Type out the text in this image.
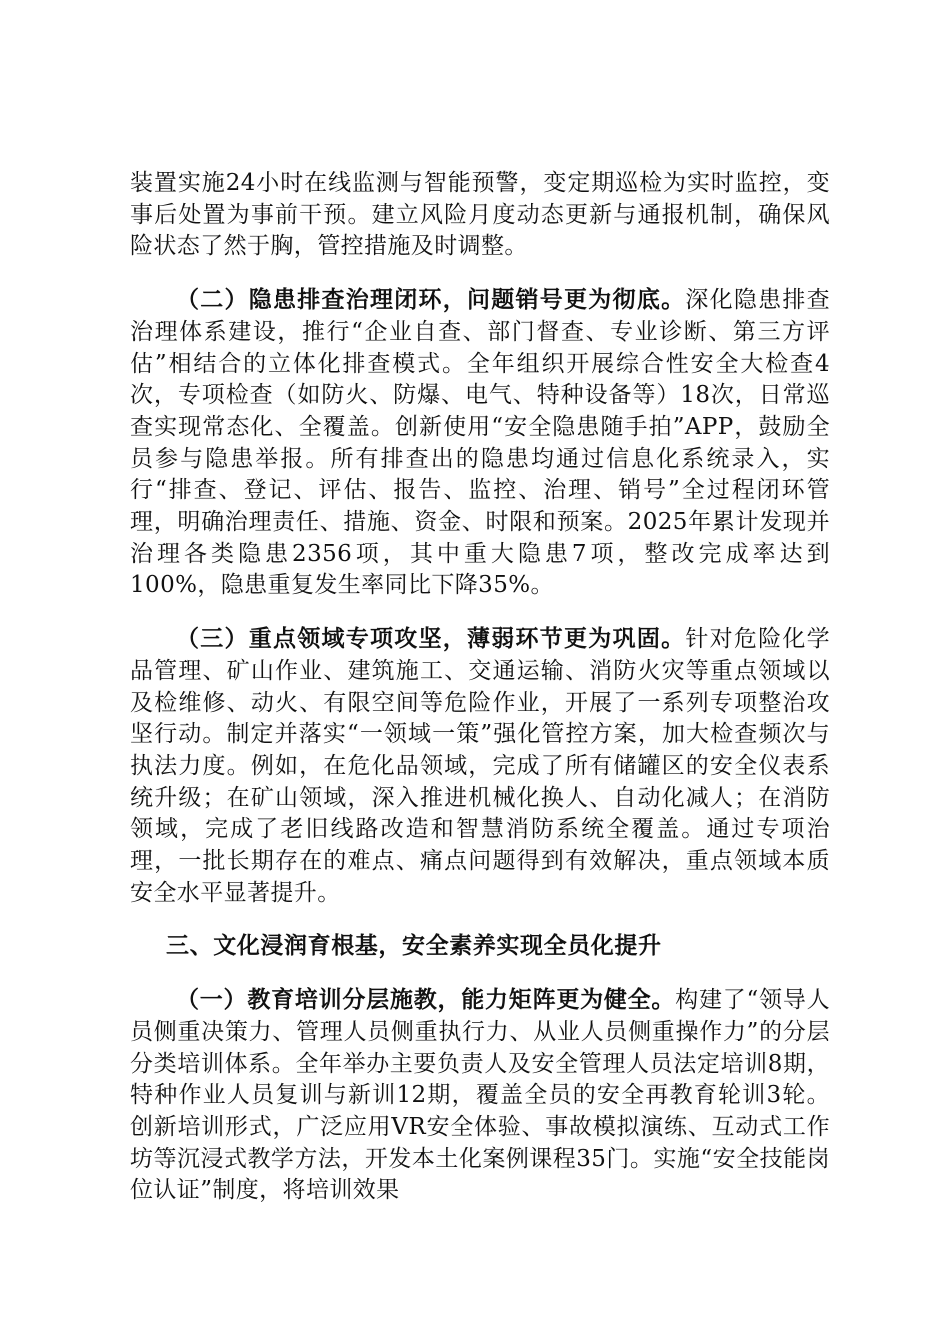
装置实施24小时在线监测与智能预警，变定期巡检为实时监控，变事后处置为事前干预。建立风险月度动态更新与通报机制，确保风险状态了然于胸，管控措施及时调整。

（二）隐患排查治理闭环，问题销号更为彻底。深化隐患排查治理体系建设，推行“企业自查、部门督查、专业诊断、第三方评估”相结合的立体化排查模式。全年组织开展综合性安全大检查4次，专项检查（如防火、防爆、电气、特种设备等）18次，日常巡查实现常态化、全覆盖。创新使用“安全隐患随手拍”APP，鼓励全员参与隐患举报。所有排查出的隐患均通过信息化系统录入，实行“排查、登记、评估、报告、监控、治理、销号”全过程闭环管理，明确治理责任、措施、资金、时限和预案。2025年累计发现并治理各类隐患2356项，其中重大隐患7项，整改完成率达到100%，隐患重复发生率同比下降35%。

（三）重点领域专项攻坚，薄弱环节更为巩固。针对危险化学品管理、矿山作业、建筑施工、交通运输、消防火灾等重点领域以及检维修、动火、有限空间等危险作业，开展了一系列专项整治攻坚行动。制定并落实“一领域一策”强化管控方案，加大检查频次与执法力度。例如，在危化品领域，完成了所有储罐区的安全仪表系统升级；在矿山领域，深入推进机械化换人、自动化减人；在消防领域，完成了老旧线路改造和智慧消防系统全覆盖。通过专项治理，一批长期存在的难点、痛点问题得到有效解决，重点领域本质安全水平显著提升。

三、文化浸润育根基，安全素养实现全员化提升

（一）教育培训分层施教，能力矩阵更为健全。构建了“领导人员侧重决策力、管理人员侧重执行力、从业人员侧重操作力”的分层分类培训体系。全年举办主要负责人及安全管理人员法定培训8期，特种作业人员复训与新训12期，覆盖全员的安全再教育轮训3轮。创新培训形式，广泛应用VR安全体验、事故模拟演练、互动式工作坊等沉浸式教学方法，开发本土化案例课程35门。实施“安全技能岗位认证”制度，将培训效果
